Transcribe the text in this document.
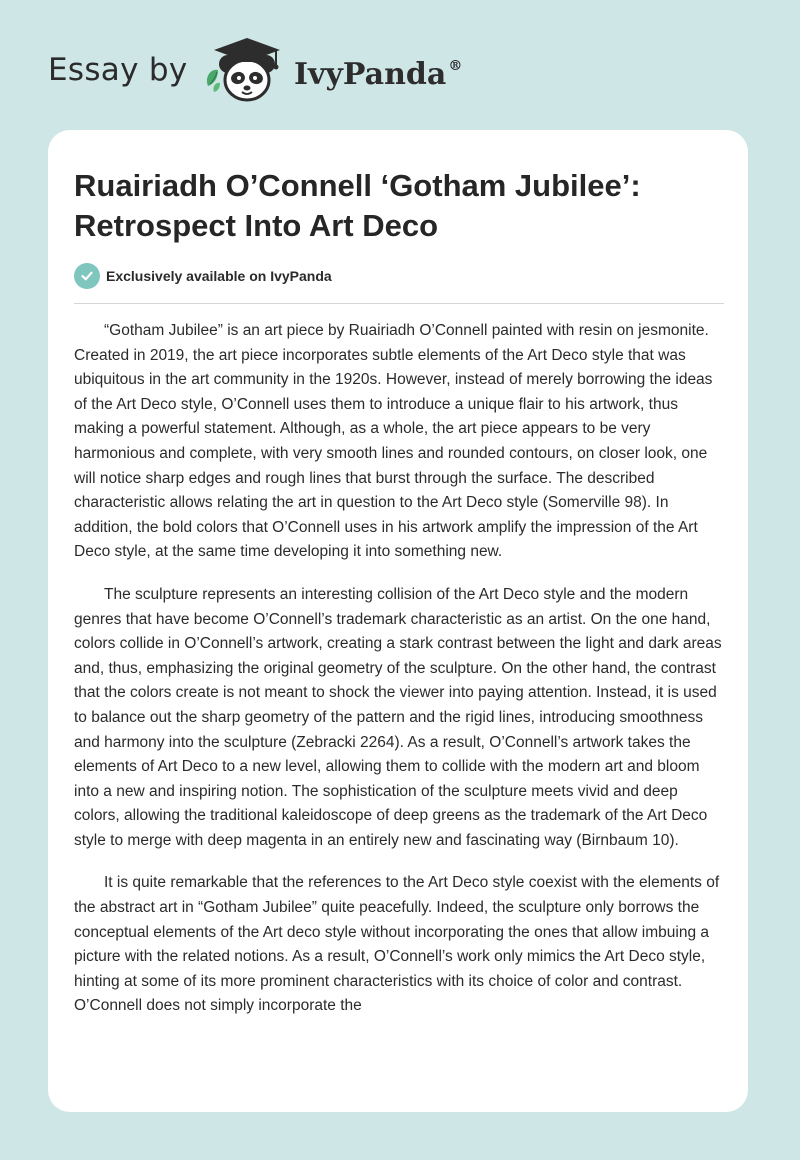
Essay by	IvyPanda ®
Ruairiadh O’Connell ‘Gotham Jubilee’: Retrospect Into Art Deco
Exclusively available on IvyPanda

“Gotham Jubilee” is an art piece by Ruairiadh O’Connell painted with resin on jesmonite. Created in 2019, the art piece incorporates subtle elements of the Art Deco style that was ubiquitous in the art community in the 1920s. However, instead of merely borrowing the ideas of the Art Deco style, O’Connell uses them to introduce a unique flair to his artwork, thus making a powerful statement. Although, as a whole, the art piece appears to be very harmonious and complete, with very smooth lines and rounded contours, on closer look, one will notice sharp edges and rough lines that burst through the surface. The described characteristic allows relating the art in question to the Art Deco style (Somerville 98). In addition, the bold colors that O’Connell uses in his artwork amplify the impression of the Art Deco style, at the same time developing it into something new.

The sculpture represents an interesting collision of the Art Deco style and the modern genres that have become O’Connell’s trademark characteristic as an artist. On the one hand, colors collide in O’Connell’s artwork, creating a stark contrast between the light and dark areas and, thus, emphasizing the original geometry of the sculpture. On the other hand, the contrast that the colors create is not meant to shock the viewer into paying attention. Instead, it is used to balance out the sharp geometry of the pattern and the rigid lines, introducing smoothness and harmony into the sculpture (Zebracki 2264). As a result, O’Connell’s artwork takes the elements of Art Deco to a new level, allowing them to collide with the modern art and bloom into a new and inspiring notion. The sophistication of the sculpture meets vivid and deep colors, allowing the traditional kaleidoscope of deep greens as the trademark of the Art Deco style to merge with deep magenta in an entirely new and fascinating way (Birnbaum 10).

It is quite remarkable that the references to the Art Deco style coexist with the elements of the abstract art in “Gotham Jubilee” quite peacefully. Indeed, the sculpture only borrows the conceptual elements of the Art deco style without incorporating the ones that allow imbuing a picture with the related notions. As a result, O’Connell’s work only mimics the Art Deco style, hinting at some of its more prominent characteristics with its choice of color and contrast. O’Connell does not simply incorporate the
